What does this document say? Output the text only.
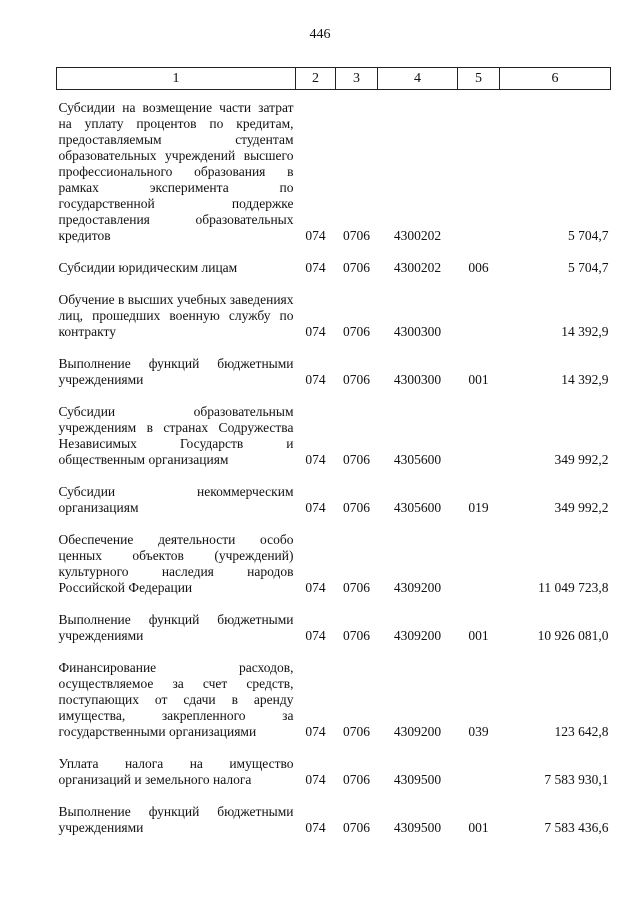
446
1	2	3	4	5	6
Субсидии на возмещение части затрат на уплату процентов по кредитам, предоставляемым студентам образовательных учреждений высшего профессионального образования в рамках эксперимента по государственной поддержке предоставления образовательных кредитов	074	0706	4300202		5 704,7
Субсидии юридическим лицам	074	0706	4300202	006	5 704,7
Обучение в высших учебных заведениях лиц, прошедших военную службу по контракту	074	0706	4300300		14 392,9
Выполнение функций бюджетными учреждениями	074	0706	4300300	001	14 392,9
Субсидии образовательным учреждениям в странах Содружества Независимых Государств и общественным организациям	074	0706	4305600		349 992,2
Субсидии некоммерческим организациям	074	0706	4305600	019	349 992,2
Обеспечение деятельности особо ценных объектов (учреждений) культурного наследия народов Российской Федерации	074	0706	4309200		11 049 723,8
Выполнение функций бюджетными учреждениями	074	0706	4309200	001	10 926 081,0
Финансирование расходов, осуществляемое за счет средств, поступающих от сдачи в аренду имущества, закрепленного за государственными организациями	074	0706	4309200	039	123 642,8
Уплата налога на имущество организаций и земельного налога	074	0706	4309500		7 583 930,1
Выполнение функций бюджетными учреждениями	074	0706	4309500	001	7 583 436,6
